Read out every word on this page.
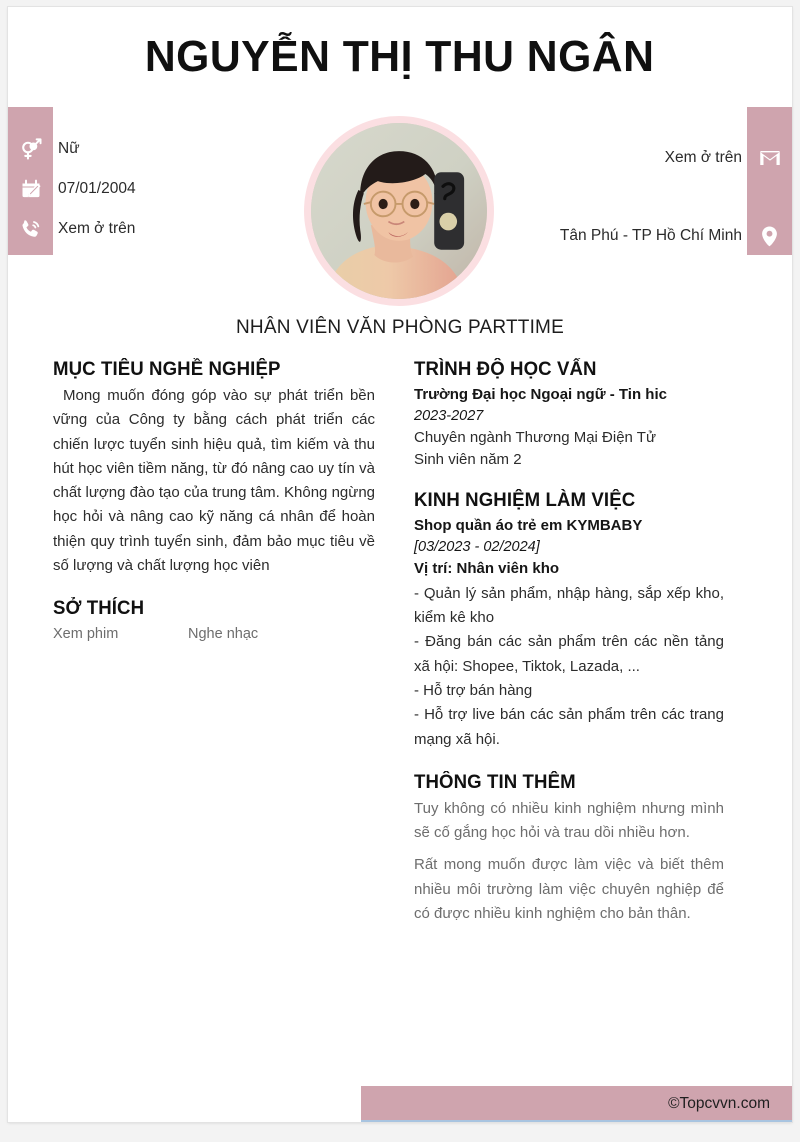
NGUYỄN THỊ THU NGÂN
Nữ
07/01/2004
Xem ở trên
Xem ở trên
Tân Phú - TP Hồ Chí Minh
NHÂN VIÊN VĂN PHÒNG PARTTIME
MỤC TIÊU NGHỀ NGHIỆP

Mong muốn đóng góp vào sự phát triển bền vững của Công ty bằng cách phát triển các chiến lược tuyển sinh hiệu quả, tìm kiếm và thu hút học viên tiềm năng, từ đó nâng cao uy tín và chất lượng đào tạo của trung tâm. Không ngừng học hỏi và nâng cao kỹ năng cá nhân để hoàn thiện quy trình tuyển sinh, đảm bảo mục tiêu về số lượng và chất lượng học viên

SỞ THÍCH
Xem phim	Nghe nhạc
TRÌNH ĐỘ HỌC VẤN
Trường Đại học Ngoại ngữ - Tin hic
2023-2027
Chuyên ngành Thương Mại Điện Tử
Sinh viên năm 2
KINH NGHIỆM LÀM VIỆC
Shop quần áo trẻ em KYMBABY
[03/2023 - 02/2024]
Vị trí: Nhân viên kho

- Quản lý sản phẩm, nhập hàng, sắp xếp kho, kiểm kê kho

- Đăng bán các sản phẩm trên các nền tảng xã hội: Shopee, Tiktok, Lazada, ...

- Hỗ trợ bán hàng

- Hỗ trợ live bán các sản phẩm trên các trang mạng xã hội.

THÔNG TIN THÊM

Tuy không có nhiều kinh nghiệm nhưng mình sẽ cố gắng học hỏi và trau dồi nhiều hơn.

Rất mong muốn được làm việc và biết thêm nhiều môi trường làm việc chuyên nghiệp để có được nhiều kinh nghiệm cho bản thân.

©Topcvvn.com
